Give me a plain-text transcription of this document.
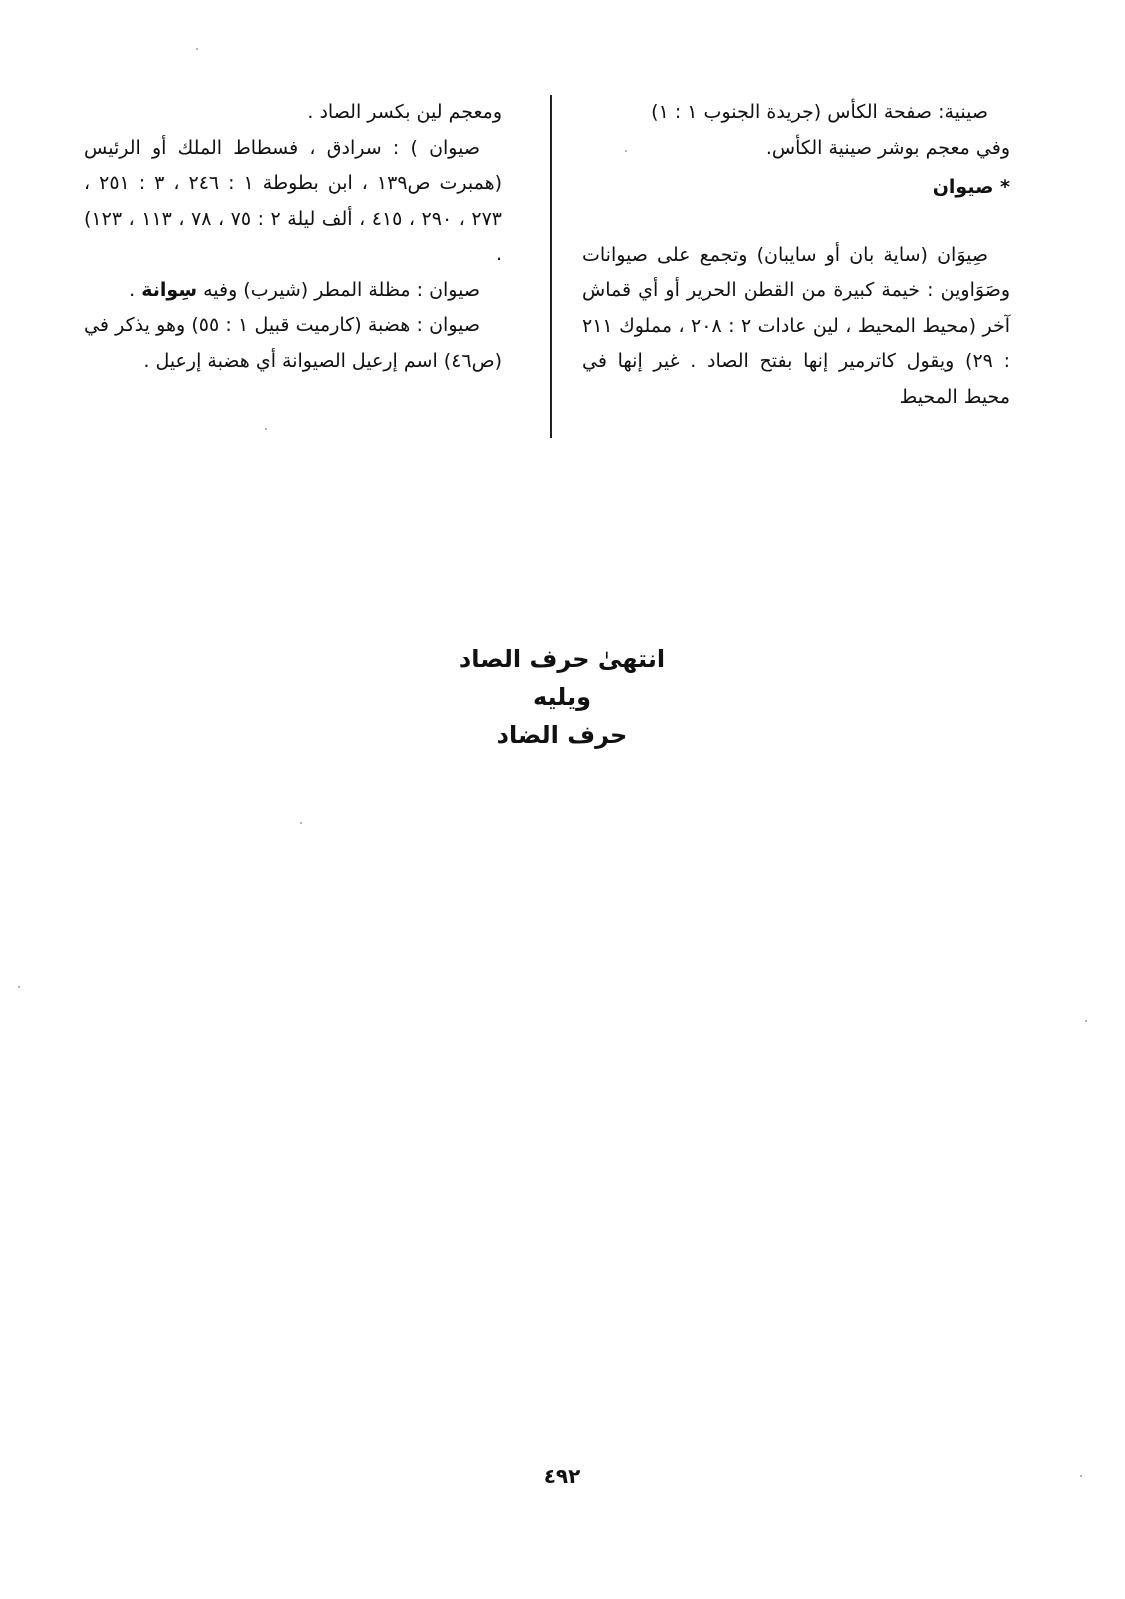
صينية: صفحة الكأس (جريدة الجنوب ١ : ١)

وفي معجم بوشر صينية الكأس.

* صيوان

صِيوَان (ساية بان أو سايبان) وتجمع على صيوانات وصَوَاوين : خيمة كبيرة من القطن الحرير أو أي قماش آخر (محيط المحيط ، لين عادات ٢ : ٢٠٨ ، مملوك ٢١١ : ٢٩) ويقول كاترمير إنها بفتح الصاد . غير إنها في محيط المحيط

ومعجم لين بكسر الصاد .

صيوان ) : سرادق ، فسطاط الملك أو الرئيس (همبرت ص١٣٩ ، ابن بطوطة ١ : ٢٤٦ ، ٣ : ٢٥١ ، ٢٧٣ ، ٢٩٠ ، ٤١٥ ، ألف ليلة ٢ : ٧٥ ، ٧٨ ، ١١٣ ، ١٢٣) .

صيوان : مظلة المطر (شيرب) وفيه سِوانة .

صيوان : هضبة (كارميت قبيل ١ : ٥٥) وهو يذكر في (ص٤٦) اسم إرعيل الصيوانة أي هضبة إرعيل .

انتهىٰ حرف الصاد
ويليه
حرف الضاد
٤٩٢
